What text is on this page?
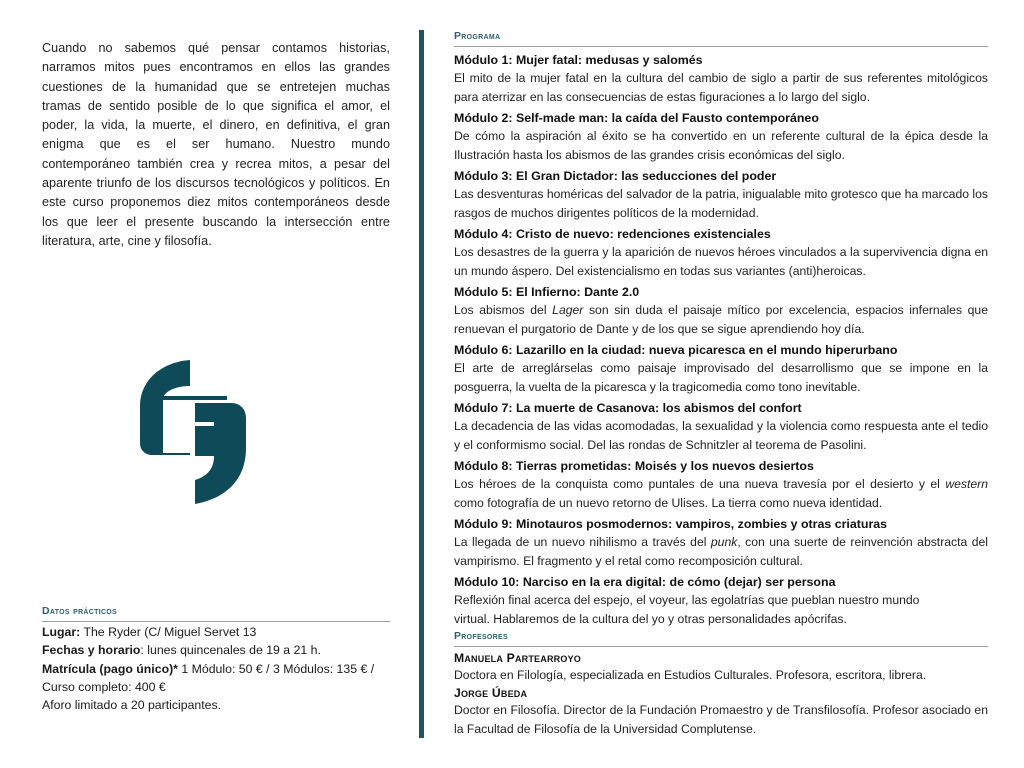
Cuando no sabemos qué pensar contamos historias, narramos mitos pues encontramos en ellos las grandes cuestiones de la humanidad que se entretejen muchas tramas de sentido posible de lo que significa el amor, el poder, la vida, la muerte, el dinero, en definitiva, el gran enigma que es el ser humano. Nuestro mundo contemporáneo también crea y recrea mitos, a pesar del aparente triunfo de los discursos tecnológicos y políticos. En este curso proponemos diez mitos contemporáneos desde los que leer el presente buscando la intersección entre literatura, arte, cine y filosofía.

Datos prácticos
Lugar: The Ryder (C/ Miguel Servet 13
Fechas y horario: lunes quincenales de 19 a 21 h.
Matrícula (pago único)* 1 Módulo: 50 € / 3 Módulos: 135 € / Curso completo: 400 €
Aforo limitado a 20 participantes.
Programa

Módulo 1: Mujer fatal: medusas y salomés

El mito de la mujer fatal en la cultura del cambio de siglo a partir de sus referentes mitológicos para aterrizar en las consecuencias de estas figuraciones a lo largo del siglo.

Módulo 2: Self-made man: la caída del Fausto contemporáneo

De cómo la aspiración al éxito se ha convertido en un referente cultural de la épica desde la Ilustración hasta los abismos de las grandes crisis económicas del siglo.

Módulo 3: El Gran Dictador: las seducciones del poder

Las desventuras homéricas del salvador de la patria, inigualable mito grotesco que ha marcado los rasgos de muchos dirigentes políticos de la modernidad.

Módulo 4: Cristo de nuevo: redenciones existenciales

Los desastres de la guerra y la aparición de nuevos héroes vinculados a la supervivencia digna en un mundo áspero. Del existencialismo en todas sus variantes (anti)heroicas.

Módulo 5: El Infierno: Dante 2.0

Los abismos del Lager son sin duda el paisaje mítico por excelencia, espacios infernales que renuevan el purgatorio de Dante y de los que se sigue aprendiendo hoy día.

Módulo 6: Lazarillo en la ciudad: nueva picaresca en el mundo hiperurbano

El arte de arreglárselas como paisaje improvisado del desarrollismo que se impone en la posguerra, la vuelta de la picaresca y la tragicomedia como tono inevitable.

Módulo 7: La muerte de Casanova: los abismos del confort

La decadencia de las vidas acomodadas, la sexualidad y la violencia como respuesta ante el tedio y el conformismo social. Del las rondas de Schnitzler al teorema de Pasolini.

Módulo 8: Tierras prometidas: Moisés y los nuevos desiertos

Los héroes de la conquista como puntales de una nueva travesía por el desierto y el western como fotografía de un nuevo retorno de Ulises. La tierra como nueva identidad.

Módulo 9: Minotauros posmodernos: vampiros, zombies y otras criaturas

La llegada de un nuevo nihilismo a través del punk, con una suerte de reinvención abstracta del vampirismo. El fragmento y el retal como recomposición cultural.

Módulo 10: Narciso en la era digital: de cómo (dejar) ser persona

Reflexión final acerca del espejo, el voyeur, las egolatrías que pueblan nuestro mundo

virtual. Hablaremos de la cultura del yo y otras personalidades apócrifas.

Profesores

Manuela Partearroyo

Doctora en Filología, especializada en Estudios Culturales. Profesora, escritora, librera.

Jorge Úbeda

Doctor en Filosofía. Director de la Fundación Promaestro y de Transfilosofía. Profesor asociado en la Facultad de Filosofía de la Universidad Complutense.
